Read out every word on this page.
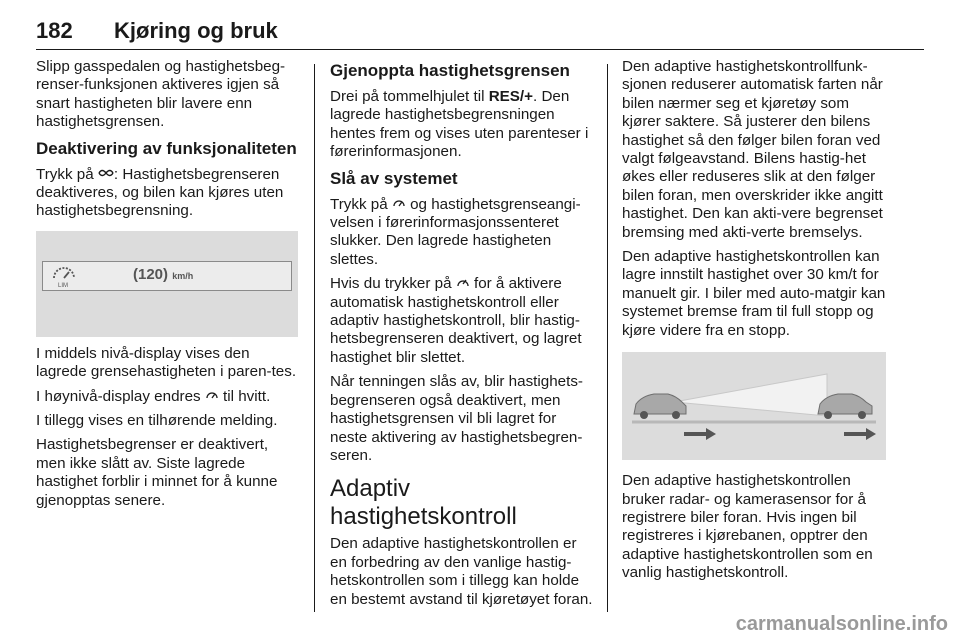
182 Kjøring og bruk

Slipp gasspedalen og hastighetsbeg-renser-funksjonen aktiveres igjen så snart hastigheten blir lavere enn hastighetsgrensen.

Deaktivering av funksjonaliteten

Trykk på : Hastighetsbegrenseren deaktiveres, og bilen kan kjøres uten hastighetsbegrensning.

LIM
(120) km/h

I middels nivå-display vises den lagrede grensehastigheten i paren-tes.

I høynivå-display endres  til hvitt.

I tillegg vises en tilhørende melding.

Hastighetsbegrenser er deaktivert, men ikke slått av. Siste lagrede hastighet forblir i minnet for å kunne gjenopptas senere.

Gjenoppta hastighetsgrensen

Drei på tommelhjulet til RES/+. Den lagrede hastighetsbegrensningen hentes frem og vises uten parenteser i førerinformasjonen.

Slå av systemet

Trykk på  og hastighetsgrenseangi-velsen i førerinformasjonssenteret slukker. Den lagrede hastigheten slettes.

Hvis du trykker på  for å aktivere automatisk hastighetskontroll eller adaptiv hastighetskontroll, blir hastig-hetsbegrenseren deaktivert, og lagret hastighet blir slettet.

Når tenningen slås av, blir hastighets-begrenseren også deaktivert, men hastighetsgrensen vil bli lagret for neste aktivering av hastighetsbegren-seren.

Adaptiv hastighetskontroll

Den adaptive hastighetskontrollen er en forbedring av den vanlige hastig-hetskontrollen som i tillegg kan holde en bestemt avstand til kjøretøyet foran.

Den adaptive hastighetskontrollfunk-sjonen reduserer automatisk farten når bilen nærmer seg et kjøretøy som kjører saktere. Så justerer den bilens hastighet så den følger bilen foran ved valgt følgeavstand. Bilens hastig-het økes eller reduseres slik at den følger bilen foran, men overskrider ikke angitt hastighet. Den kan akti-vere begrenset bremsing med akti-verte bremselys.

Den adaptive hastighetskontrollen kan lagre innstilt hastighet over 30 km/t for manuelt gir. I biler med auto-matgir kan systemet bremse fram til full stopp og kjøre videre fra en stopp.

Den adaptive hastighetskontrollen bruker radar- og kamerasensor for å registrere biler foran. Hvis ingen bil registreres i kjørebanen, opptrer den adaptive hastighetskontrollen som en vanlig hastighetskontroll.

carmanualsonline.info
